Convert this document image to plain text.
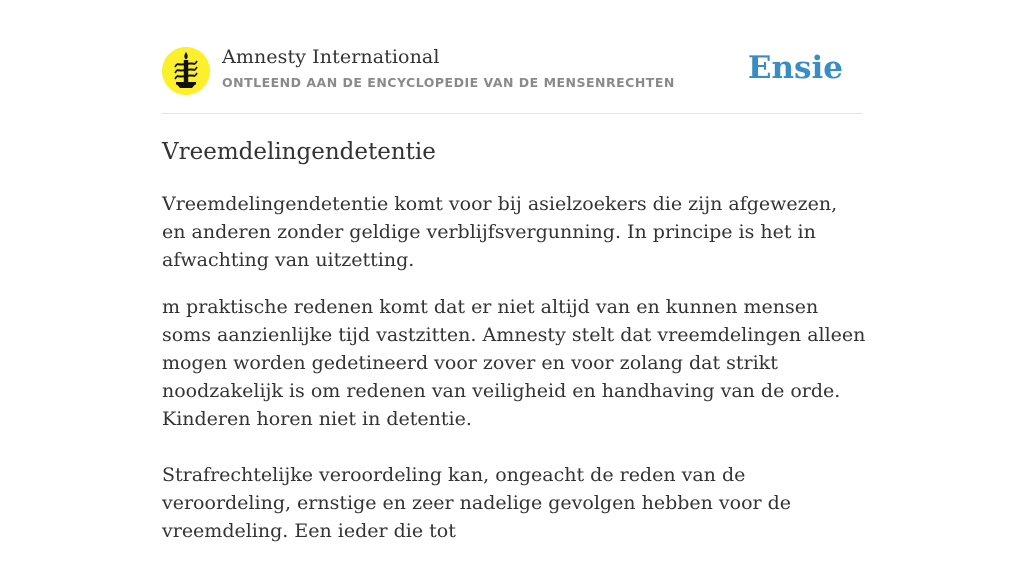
Amnesty International
ONTLEEND AAN DE ENCYCLOPEDIE VAN DE MENSENRECHTEN Ensie
Vreemdelingendetentie

Vreemdelingendetentie komt voor bij asielzoekers die zijn afgewezen, en anderen zonder geldige verblijfsvergunning. In principe is het in afwachting van uitzetting.

m praktische redenen komt dat er niet altijd van en kunnen mensen soms aanzienlijke tijd vastzitten. Amnesty stelt dat vreemdelingen alleen mogen worden gedetineerd voor zover en voor zolang dat strikt noodzakelijk is om redenen van veiligheid en handhaving van de orde. Kinderen horen niet in detentie.

Strafrechtelijke veroordeling kan, ongeacht de reden van de veroordeling, ernstige en zeer nadelige gevolgen hebben voor de vreemdeling. Een ieder die tot
